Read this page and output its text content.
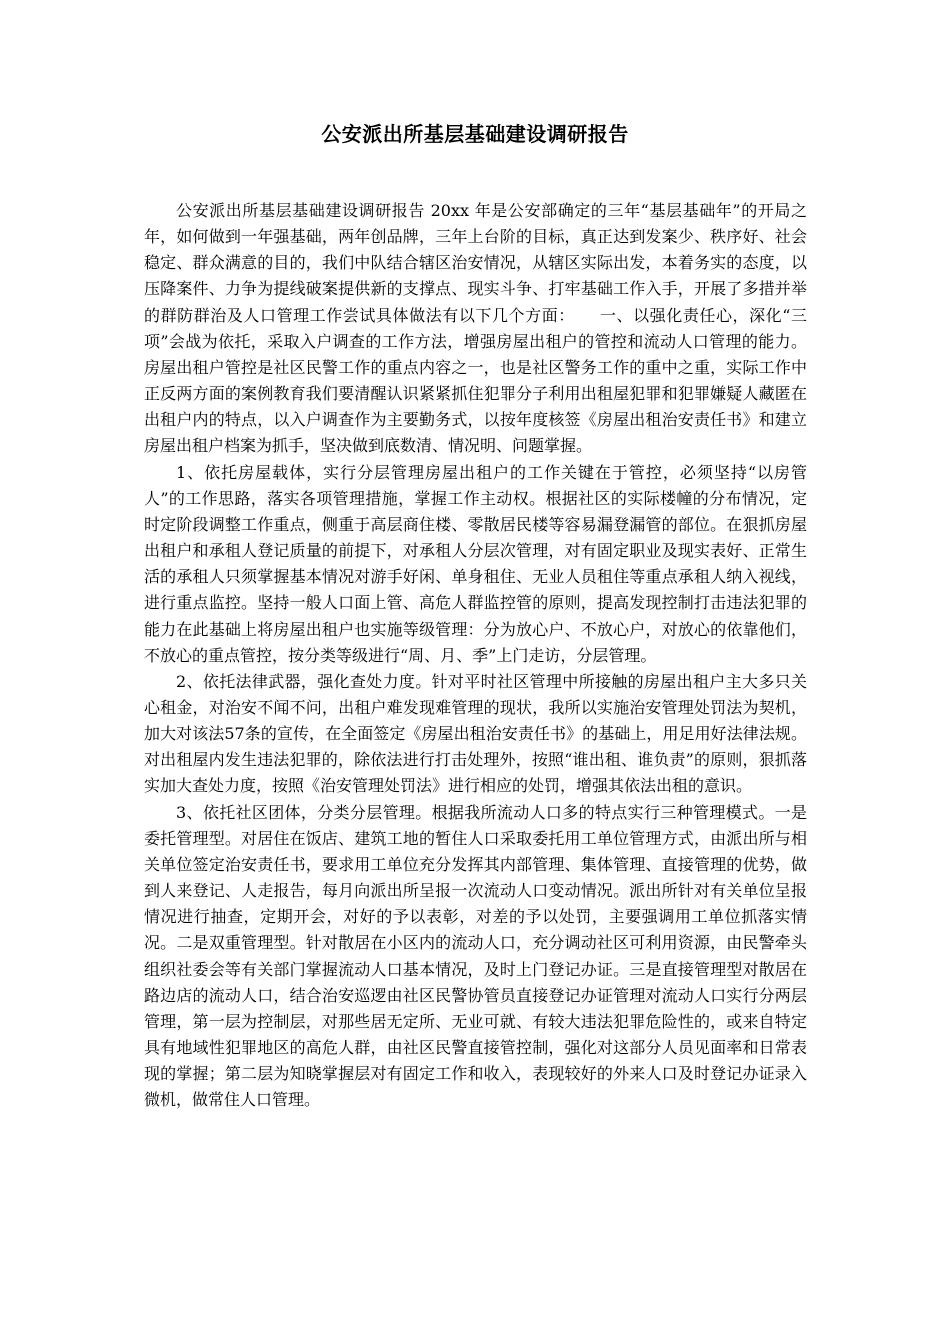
公安派出所基层基础建设调研报告

公安派出所基层基础建设调研报告 20xx 年是公安部确定的三年“基层基础年”的开局之年，如何做到一年强基础，两年创品牌，三年上台阶的目标，真正达到发案少、秩序好、社会稳定、群众满意的目的，我们中队结合辖区治安情况，从辖区实际出发，本着务实的态度，以压降案件、力争为提线破案提供新的支撑点、现实斗争、打牢基础工作入手，开展了多措并举的群防群治及人口管理工作尝试具体做法有以下几个方面：　　一、以强化责任心，深化“三项”会战为依托，采取入户调查的工作方法，增强房屋出租户的管控和流动人口管理的能力。房屋出租户管控是社区民警工作的重点内容之一，也是社区警务工作的重中之重，实际工作中正反两方面的案例教育我们要清醒认识紧紧抓住犯罪分子利用出租屋犯罪和犯罪嫌疑人藏匿在出租户内的特点，以入户调查作为主要勤务式，以按年度核签《房屋出租治安责任书》和建立房屋出租户档案为抓手，坚决做到底数清、情况明、问题掌握。

1、依托房屋载体，实行分层管理房屋出租户的工作关键在于管控，必须坚持“以房管人”的工作思路，落实各项管理措施，掌握工作主动权。根据社区的实际楼幢的分布情况，定时定阶段调整工作重点，侧重于高层商住楼、零散居民楼等容易漏登漏管的部位。在狠抓房屋出租户和承租人登记质量的前提下，对承租人分层次管理，对有固定职业及现实表好、正常生活的承租人只须掌握基本情况对游手好闲、单身租住、无业人员租住等重点承租人纳入视线，进行重点监控。坚持一般人口面上管、高危人群监控管的原则，提高发现控制打击违法犯罪的能力在此基础上将房屋出租户也实施等级管理：分为放心户、不放心户，对放心的依靠他们，不放心的重点管控，按分类等级进行“周、月、季”上门走访，分层管理。

2、依托法律武器，强化查处力度。针对平时社区管理中所接触的房屋出租户主大多只关心租金，对治安不闻不问，出租户难发现难管理的现状，我所以实施治安管理处罚法为契机，加大对该法57条的宣传，在全面签定《房屋出租治安责任书》的基础上，用足用好法律法规。对出租屋内发生违法犯罪的，除依法进行打击处理外，按照“谁出租、谁负责”的原则，狠抓落实加大查处力度，按照《治安管理处罚法》进行相应的处罚，增强其依法出租的意识。

3、依托社区团体，分类分层管理。根据我所流动人口多的特点实行三种管理模式。一是委托管理型。对居住在饭店、建筑工地的暂住人口采取委托用工单位管理方式，由派出所与相关单位签定治安责任书，要求用工单位充分发挥其内部管理、集体管理、直接管理的优势，做到人来登记、人走报告，每月向派出所呈报一次流动人口变动情况。派出所针对有关单位呈报情况进行抽查，定期开会，对好的予以表彰，对差的予以处罚，主要强调用工单位抓落实情况。二是双重管理型。针对散居在小区内的流动人口，充分调动社区可利用资源，由民警牵头组织社委会等有关部门掌握流动人口基本情况，及时上门登记办证。三是直接管理型对散居在路边店的流动人口，结合治安巡逻由社区民警协管员直接登记办证管理对流动人口实行分两层管理，第一层为控制层，对那些居无定所、无业可就、有较大违法犯罪危险性的，或来自特定具有地域性犯罪地区的高危人群，由社区民警直接管控制，强化对这部分人员见面率和日常表现的掌握；第二层为知晓掌握层对有固定工作和收入，表现较好的外来人口及时登记办证录入微机，做常住人口管理。
